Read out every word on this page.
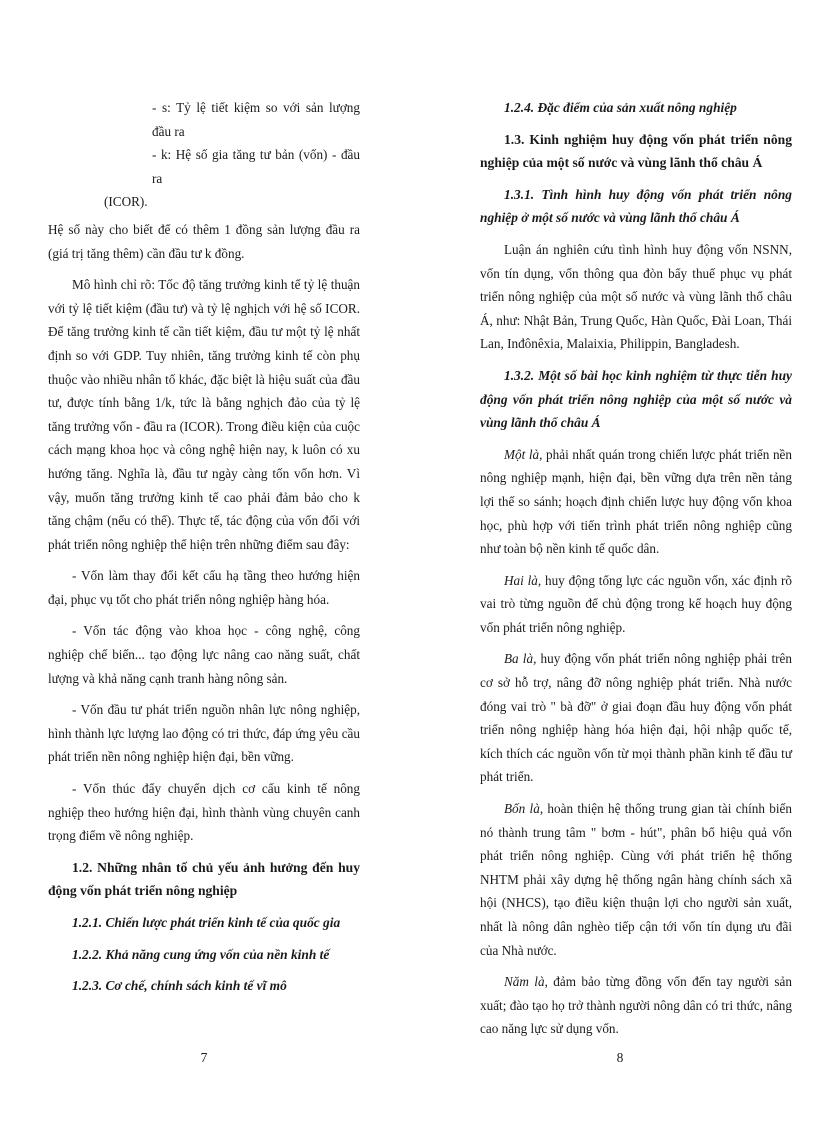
- s: Tỷ lệ tiết kiệm so với sản lượng đầu ra
- k: Hệ số gia tăng tư bản (vốn) - đầu ra
(ICOR).

Hệ số này cho biết để có thêm 1 đồng sản lượng đầu ra (giá trị tăng thêm) cần đầu tư k đồng.

Mô hình chỉ rõ: Tốc độ tăng trưởng kinh tế tỷ lệ thuận với tỷ lệ tiết kiệm (đầu tư) và tỷ lệ nghịch với hệ số ICOR. Để tăng trưởng kinh tế cần tiết kiệm, đầu tư một tỷ lệ nhất định so với GDP. Tuy nhiên, tăng trưởng kinh tế còn phụ thuộc vào nhiều nhân tố khác, đặc biệt là hiệu suất của đầu tư, được tính bằng 1/k, tức là bằng nghịch đảo của tỷ lệ tăng trưởng vốn - đầu ra (ICOR). Trong điều kiện của cuộc cách mạng khoa học và công nghệ hiện nay, k luôn có xu hướng tăng. Nghĩa là, đầu tư ngày càng tốn vốn hơn. Vì vậy, muốn tăng trưởng kinh tế cao phải đảm bảo cho k tăng chậm (nếu có thể). Thực tế, tác động của vốn đối với phát triển nông nghiệp thể hiện trên những điểm sau đây:

- Vốn làm thay đổi kết cấu hạ tầng theo hướng hiện đại, phục vụ tốt cho phát triển nông nghiệp hàng hóa.

- Vốn tác động vào khoa học - công nghệ, công nghiệp chế biến... tạo động lực nâng cao năng suất, chất lượng và khả năng cạnh tranh hàng nông sản.

- Vốn đầu tư phát triển nguồn nhân lực nông nghiệp, hình thành lực lượng lao động có tri thức, đáp ứng yêu cầu phát triển nền nông nghiệp hiện đại, bền vững.

- Vốn thúc đẩy chuyển dịch cơ cấu kinh tế nông nghiệp theo hướng hiện đại, hình thành vùng chuyên canh trọng điểm về nông nghiệp.

1.2. Những nhân tố chủ yếu ảnh hưởng đến huy động vốn phát triển nông nghiệp
1.2.1. Chiến lược phát triển kinh tế của quốc gia
1.2.2. Khả năng cung ứng vốn của nền kinh tế
1.2.3. Cơ chế, chính sách kinh tế vĩ mô
7
1.2.4. Đặc điểm của sản xuất nông nghiệp
1.3. Kinh nghiệm huy động vốn phát triển nông nghiệp của một số nước và vùng lãnh thổ châu Á
1.3.1. Tình hình huy động vốn phát triển nông nghiệp ở một số nước và vùng lãnh thổ châu Á

Luận án nghiên cứu tình hình huy động vốn NSNN, vốn tín dụng, vốn thông qua đòn bẩy thuế phục vụ phát triển nông nghiệp của một số nước và vùng lãnh thổ châu Á, như: Nhật Bản, Trung Quốc, Hàn Quốc, Đài Loan, Thái Lan, Inđônêxia, Malaixia, Philippin, Bangladesh.

1.3.2. Một số bài học kinh nghiệm từ thực tiễn huy động vốn phát triển nông nghiệp của một số nước và vùng lãnh thổ châu Á

Một là, phải nhất quán trong chiến lược phát triển nền nông nghiệp mạnh, hiện đại, bền vững dựa trên nền tảng lợi thế so sánh; hoạch định chiến lược huy động vốn khoa học, phù hợp với tiến trình phát triển nông nghiệp cũng như toàn bộ nền kinh tế quốc dân.

Hai là, huy động tổng lực các nguồn vốn, xác định rõ vai trò từng nguồn để chủ động trong kế hoạch huy động vốn phát triển nông nghiệp.

Ba là, huy động vốn phát triển nông nghiệp phải trên cơ sở hỗ trợ, nâng đỡ nông nghiệp phát triển. Nhà nước đóng vai trò " bà đỡ" ở giai đoạn đầu huy động vốn phát triển nông nghiệp hàng hóa hiện đại, hội nhập quốc tế, kích thích các nguồn vốn từ mọi thành phần kinh tế đầu tư phát triển.

Bốn là, hoàn thiện hệ thống trung gian tài chính biến nó thành trung tâm " bơm - hút", phân bổ hiệu quả vốn phát triển nông nghiệp. Cùng với phát triển hệ thống NHTM phải xây dựng hệ thống ngân hàng chính sách xã hội (NHCS), tạo điều kiện thuận lợi cho người sản xuất, nhất là nông dân nghèo tiếp cận tới vốn tín dụng ưu đãi của Nhà nước.

Năm là, đảm bảo từng đồng vốn đến tay người sản xuất; đào tạo họ trở thành người nông dân có tri thức, nâng cao năng lực sử dụng vốn.

8
